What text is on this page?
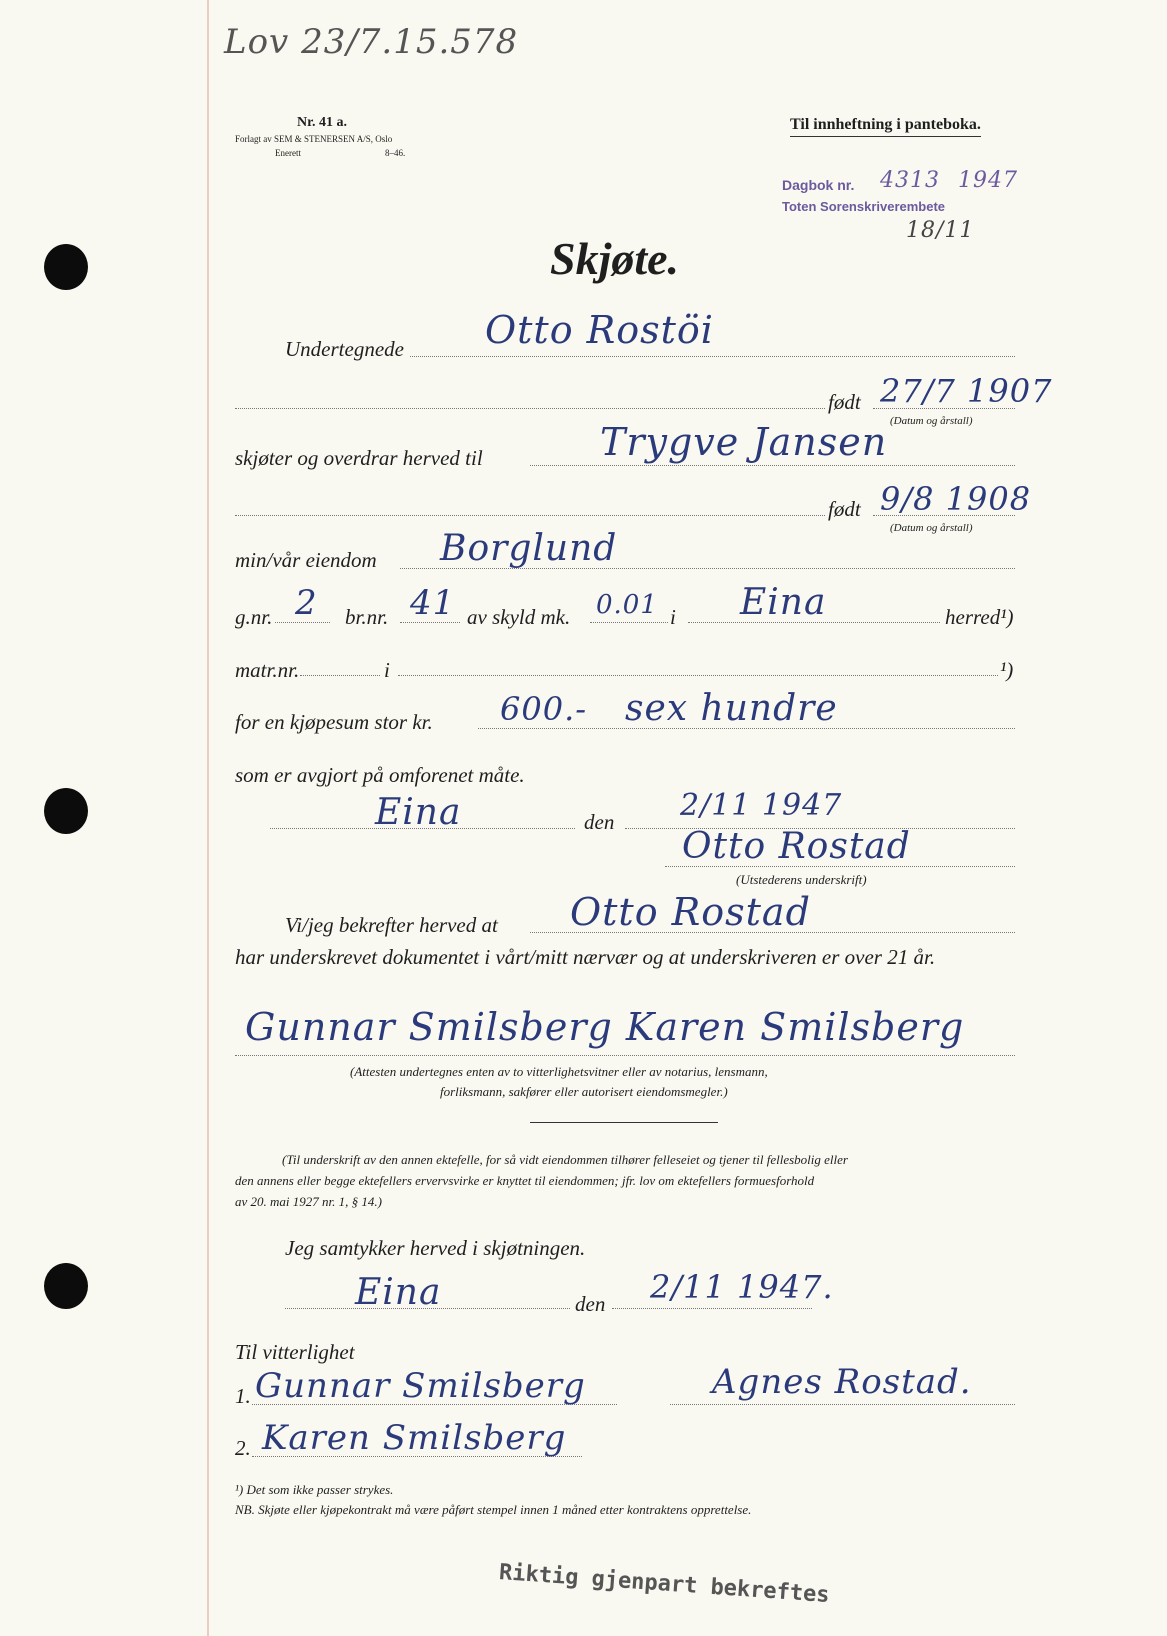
Lov 23/7.15.578
Nr. 41 a.
Forlagt av SEM & STENERSEN A/S, Oslo
Enerett	8–46.
Til innheftning i panteboka.
Dagbok nr. 4313 1947
Toten Sorenskriverembete
18/11
Skjøte.
Undertegnede Otto Rostöi
født 27/7 1907
(Datum og årstall)
skjøter og overdrar herved til	Trygve Jansen
født 9/8 1908
(Datum og årstall)
min/vår eiendom Borglund
g.nr. 2 br.nr. 41 av skyld mk. 0.01 i Eina	herred¹)
matr.nr.	i	¹)
for en kjøpesum stor kr. 600.- sex hundre
som er avgjort på omforenet måte.
Eina	den 2/11 1947
Otto Rostad
(Utstederens underskrift)
Vi/jeg bekrefter herved at Otto Rostad
har underskrevet dokumentet i vårt/mitt nærvær og at underskriveren er over 21 år.
Gunnar Smilsberg Karen Smilsberg
(Attesten undertegnes enten av to vitterlighetsvitner eller av notarius, lensmann,
forliksmann, sakfører eller autorisert eiendomsmegler.)
(Til underskrift av den annen ektefelle, for så vidt eiendommen tilhører felleseiet og tjener til fellesbolig eller
den annens eller begge ektefellers ervervsvirke er knyttet til eiendommen; jfr. lov om ektefellers formuesforhold
av 20. mai 1927 nr. 1, § 14.)
Jeg samtykker herved i skjøtningen.
Eina	den 2/11 1947.
Til vitterlighet
1. Gunnar Smilsberg	Agnes Rostad.
2. Karen Smilsberg
¹) Det som ikke passer strykes.
NB. Skjøte eller kjøpekontrakt må være påført stempel innen 1 måned etter kontraktens opprettelse.
Riktig gjenpart bekreftes
